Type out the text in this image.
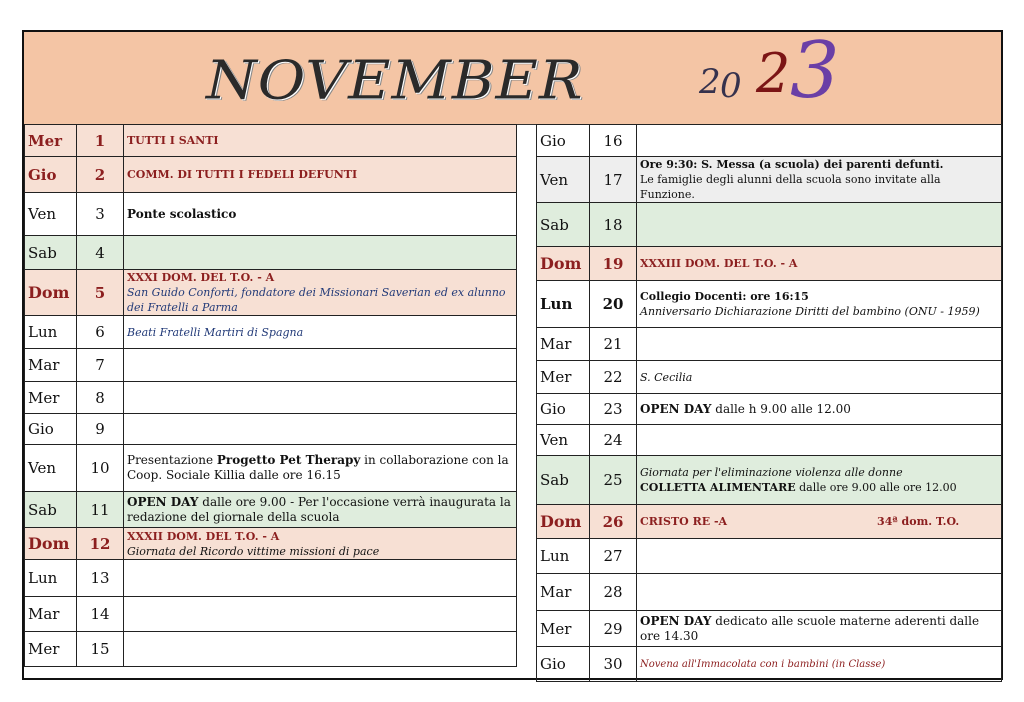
NOVEMBER	2 0 2 3
Mer	1	TUTTI I SANTI

Gio	2	COMM. DI TUTTI I FEDELI DEFUNTI

Ven	3	Ponte scolastico

Sab	4	
Dom	5	XXXI DOM. DEL T.O. - A
San Guido Conforti, fondatore dei Missionari Saverian ed ex alunno dei Fratelli a Parma

Lun	6	Beati Fratelli Martiri di Spagna

Mar	7	
Mer	8	
Gio	9	
Ven	10	Presentazione Progetto Pet Therapy in collaborazione con la Coop. Sociale Killia dalle ore 16.15
Sab	11	OPEN DAY dalle ore 9.00 - Per l'occasione verrà inaugurata la redazione del giornale della scuola
Dom	12	XXXII DOM. DEL T.O. - A
Giornata del Ricordo vittime missioni di pace

Lun	13	
Mar	14	
Mer	15	
Gio	16	
Ven	17	Ore 9:30: S. Messa (a scuola) dei parenti defunti.
Le famiglie degli alunni della scuola sono invitate alla Funzione.

Sab	18	
Dom	19	XXXIII DOM. DEL T.O. - A

Lun	20	Collegio Docenti: ore 16:15
Anniversario Dichiarazione Diritti del bambino (ONU - 1959)

Mar	21	
Mer	22	S. Cecilia

Gio	23	OPEN DAY dalle h 9.00 alle 12.00
Ven	24	
Sab	25	Giornata per l'eliminazione violenza alle donne
COLLETTA ALIMENTARE dalle ore 9.00 alle ore 12.00
Dom	26	CRISTO RE -A 34ª dom. T.O.
Lun	27	
Mar	28	
Mer	29	OPEN DAY dedicato alle scuole materne aderenti dalle ore 14.30
Gio	30	Novena all'Immacolata con i bambini (in Classe)
